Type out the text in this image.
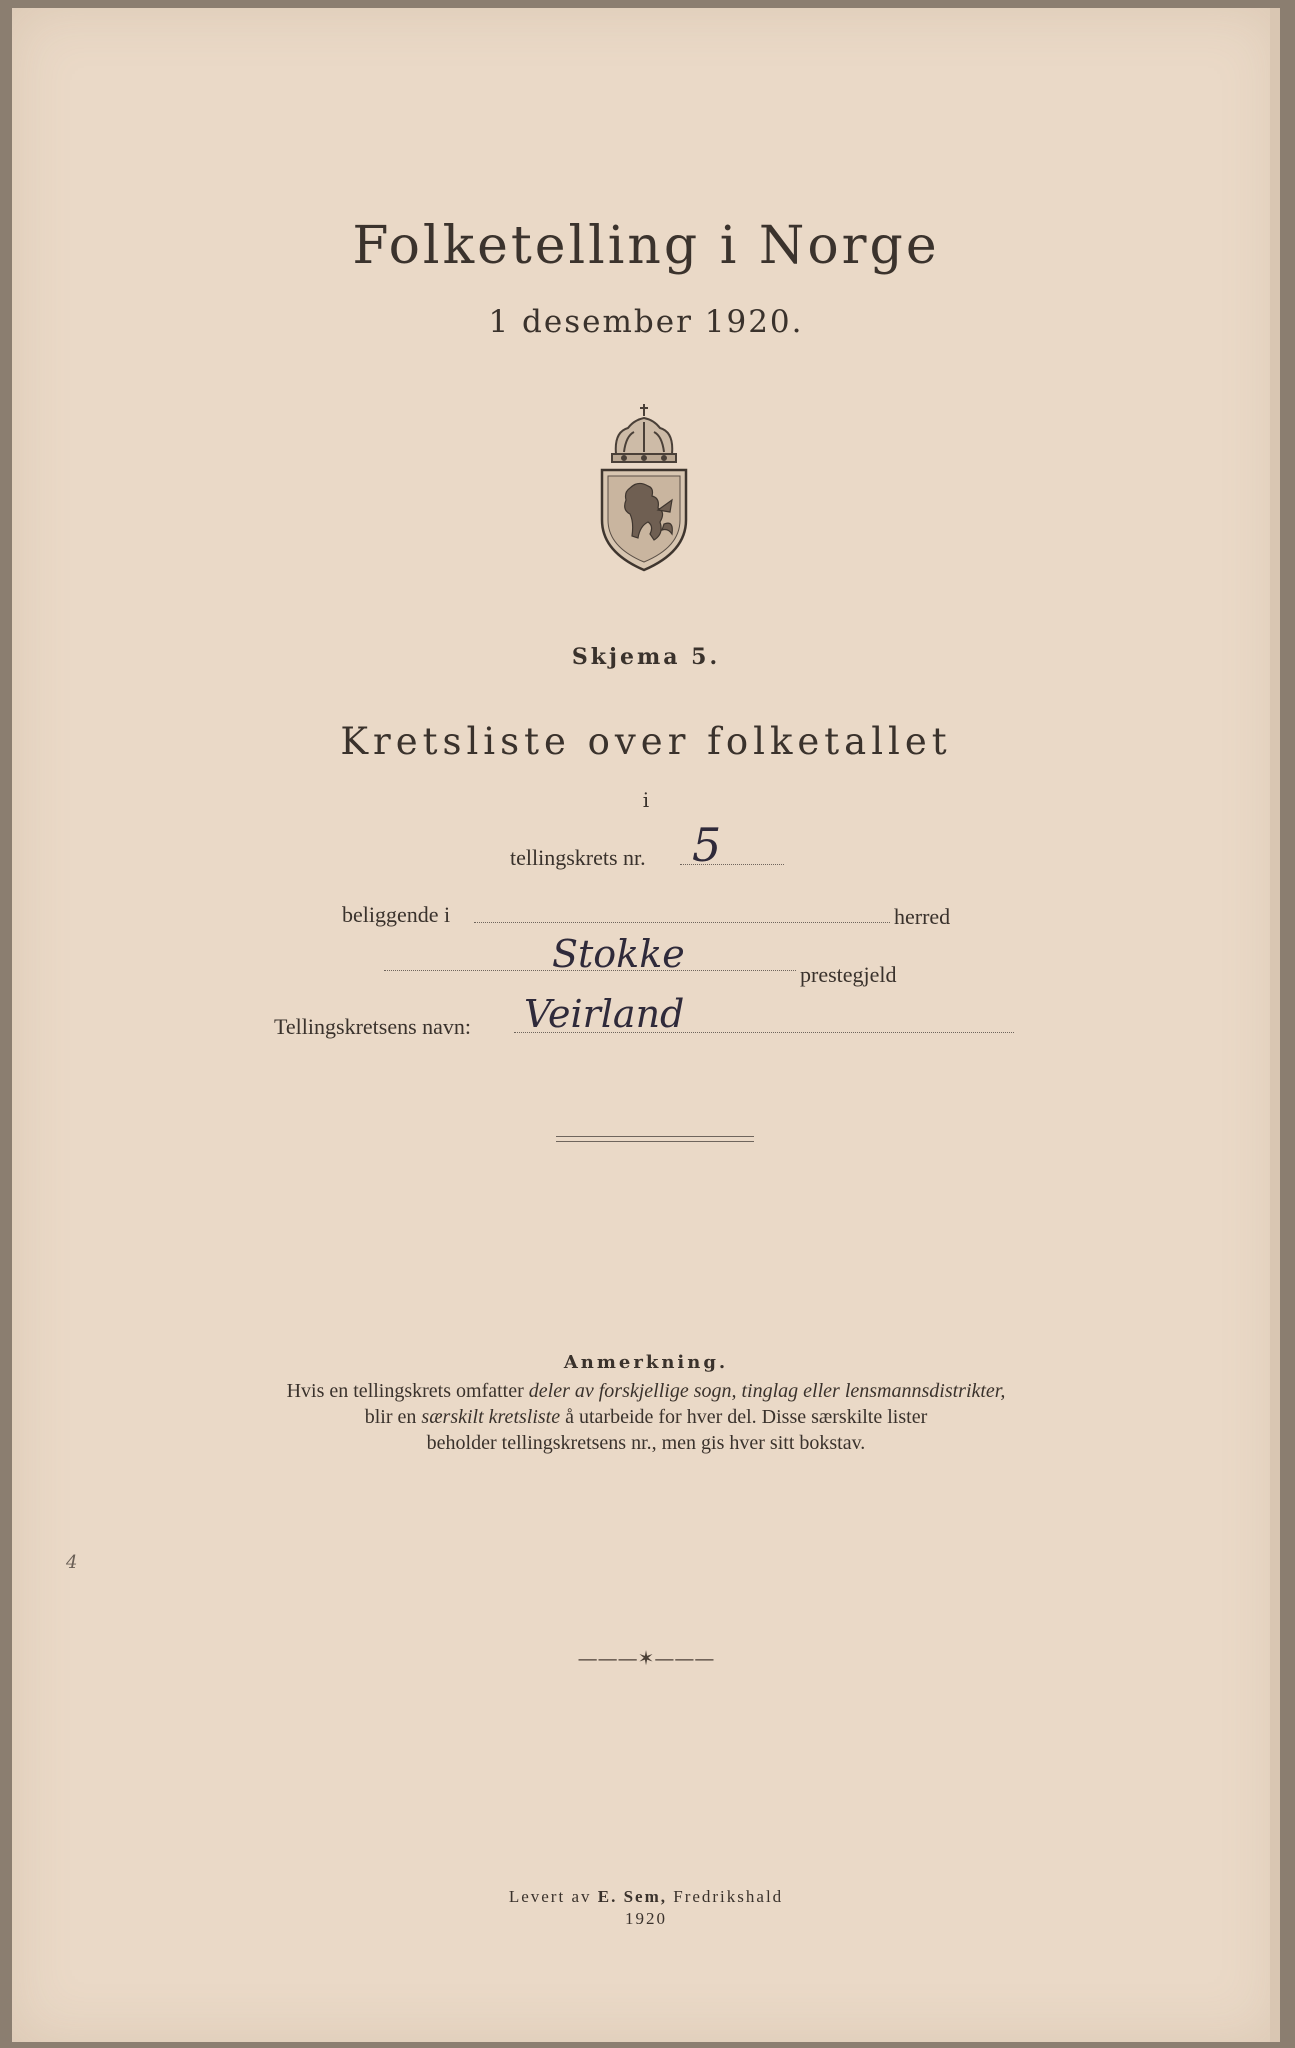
Folketelling i Norge
1 desember 1920.
Skjema 5.
Kretsliste over folketallet
i
tellingskrets nr. 5
beliggende i	herred
Stokke	prestegjeld
Tellingskretsens navn: Veirland
Anmerkning.
Hvis en tellingskrets omfatter deler av forskjellige sogn, tinglag eller lensmannsdistrikter,
blir en særskilt kretsliste å utarbeide for hver del. Disse særskilte lister
beholder tellingskretsens nr., men gis hver sitt bokstav.
———✶———
Levert av E. Sem, Fredrikshald
1920
4
